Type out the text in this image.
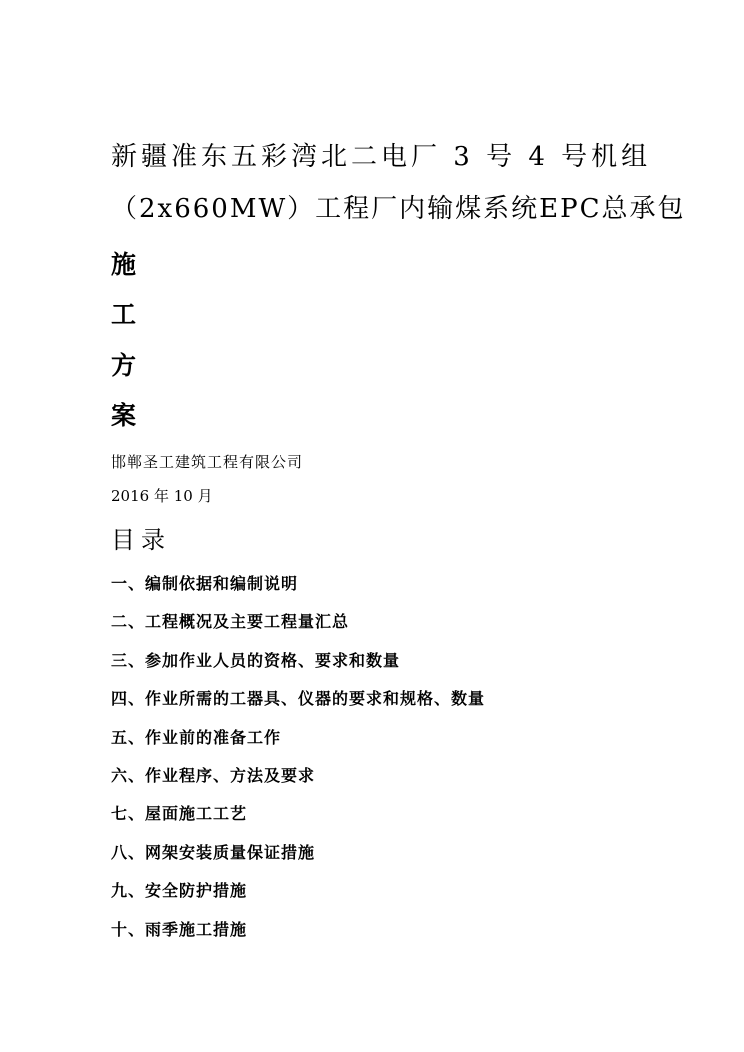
新疆准东五彩湾北二电厂 3 号 4 号机组
（2x660MW）工程厂内输煤系统EPC总承包
施
工
方
案
邯郸圣工建筑工程有限公司
2016 年 10 月
目录
一、编制依据和编制说明
二、工程概况及主要工程量汇总
三、参加作业人员的资格、要求和数量
四、作业所需的工器具、仪器的要求和规格、数量
五、作业前的准备工作
六、作业程序、方法及要求
七、屋面施工工艺
八、网架安装质量保证措施
九、安全防护措施
十、雨季施工措施
